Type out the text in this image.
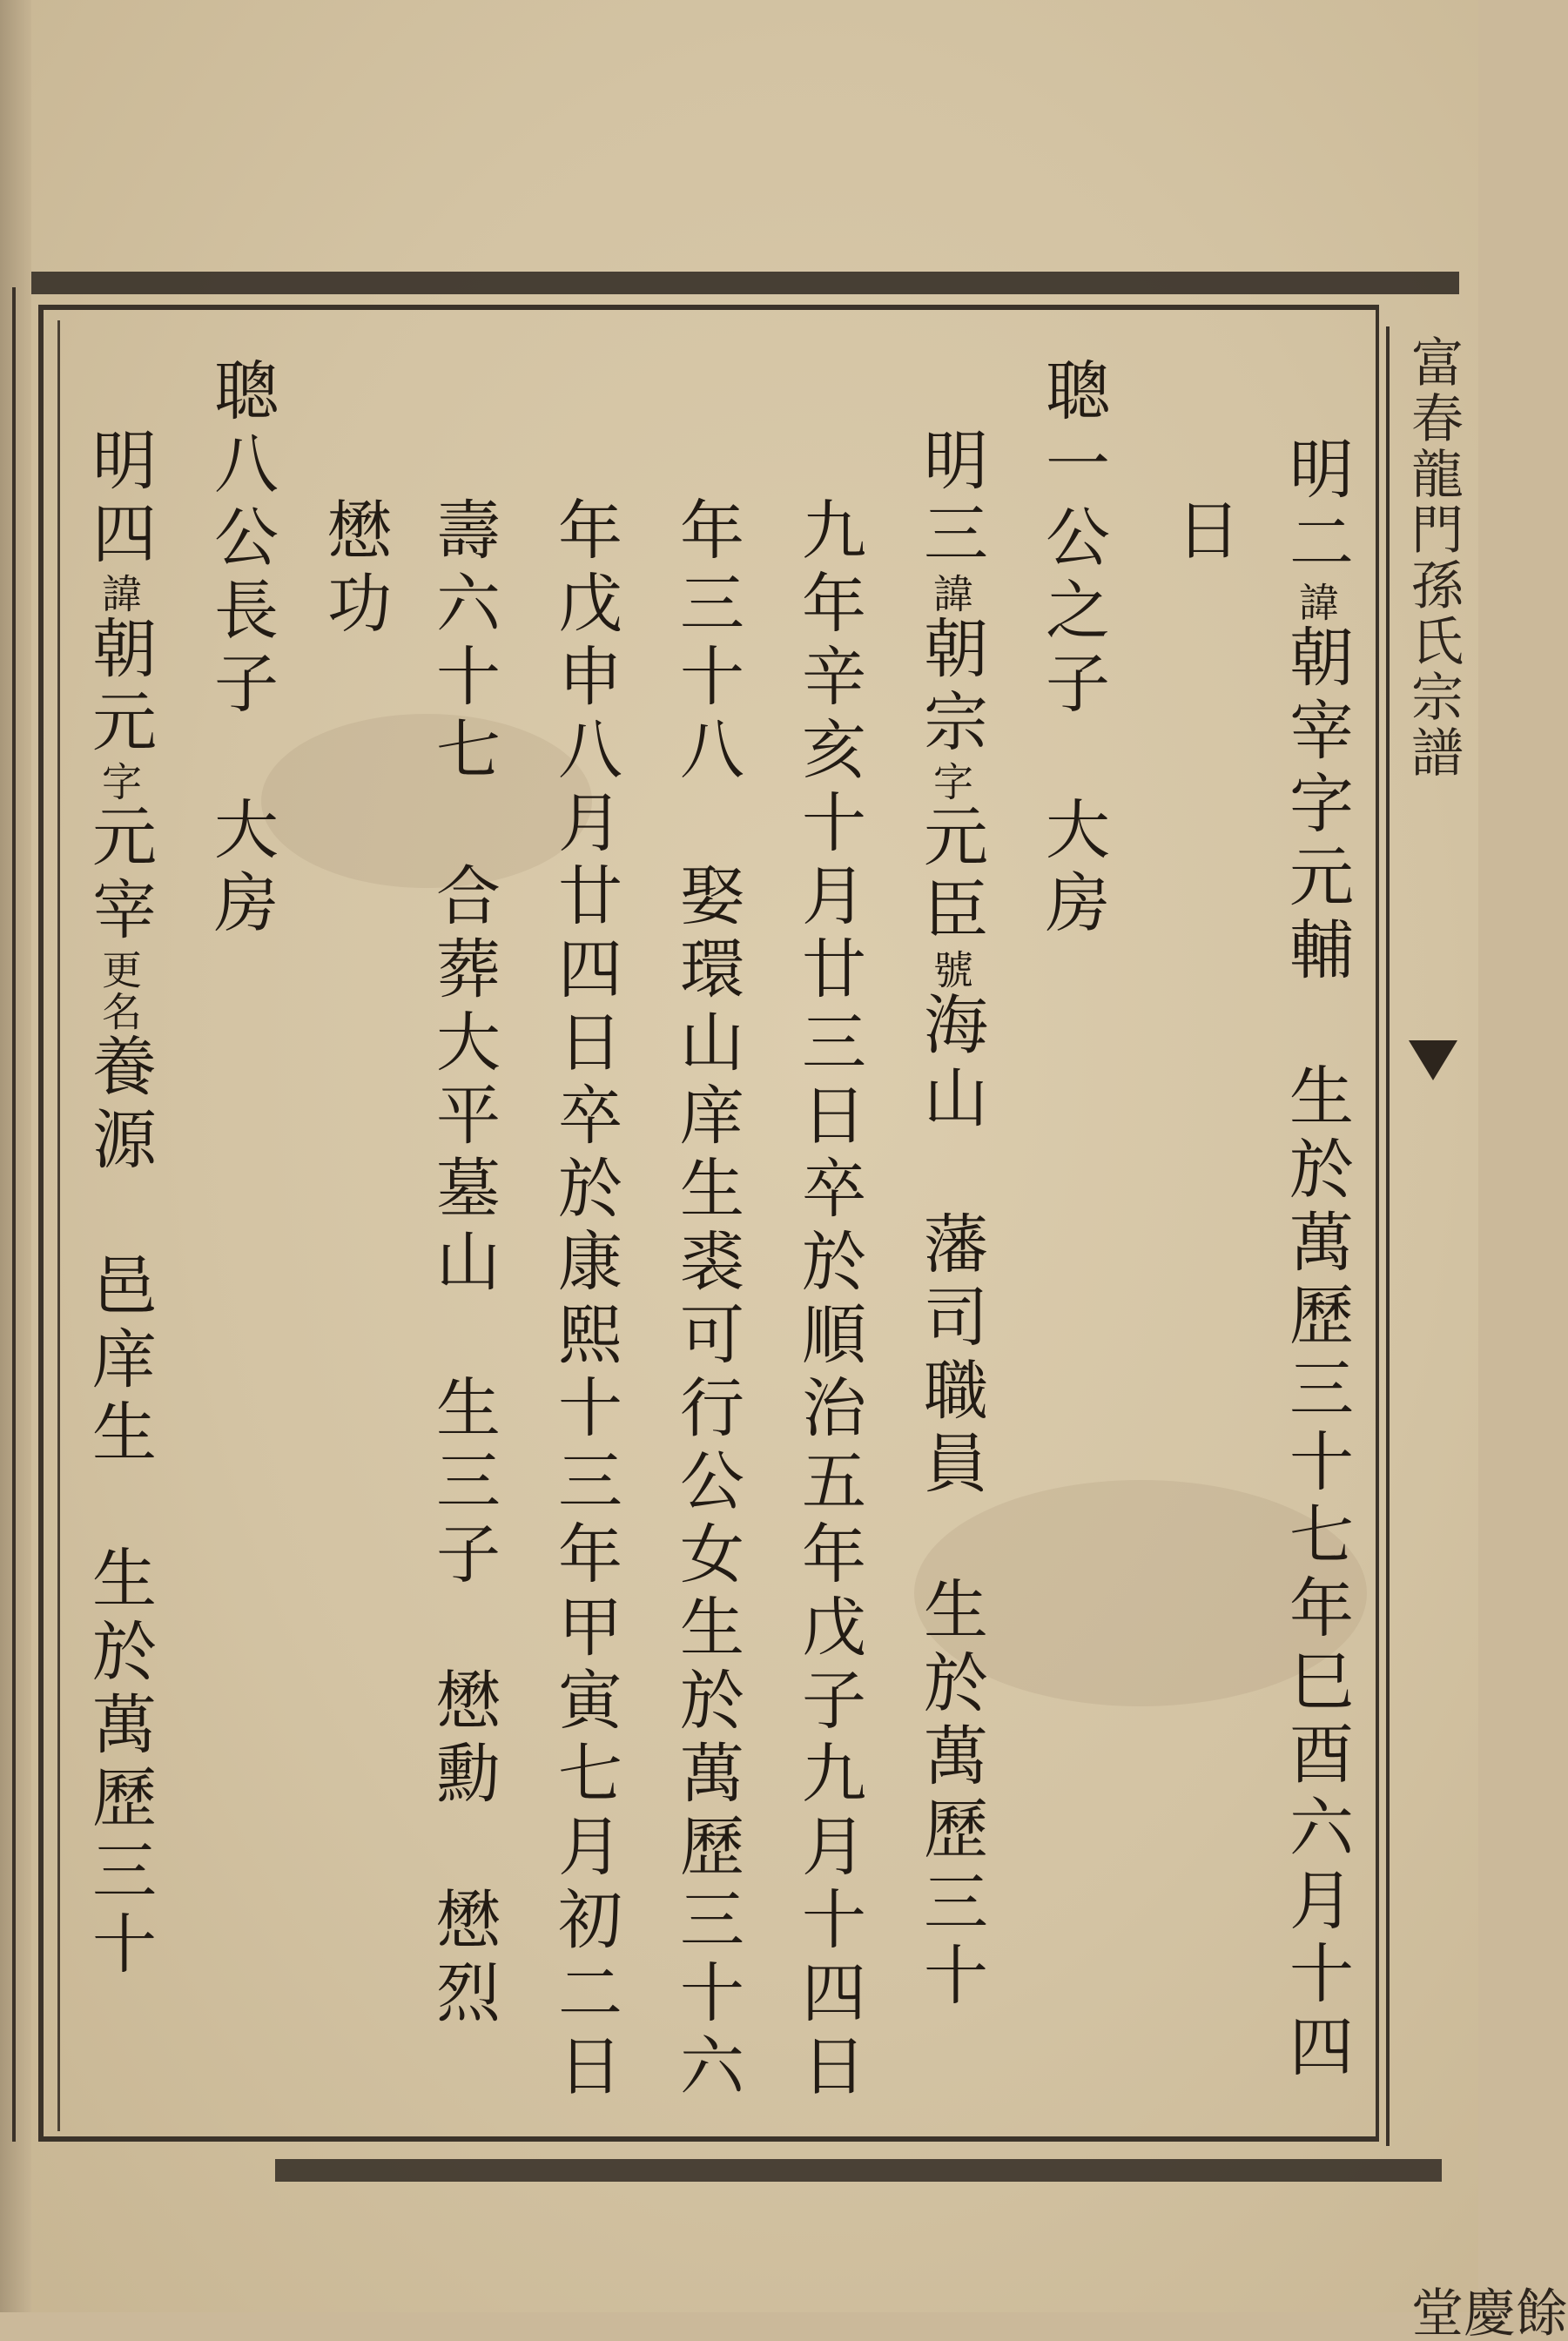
富春龍門孫氏宗譜
餘慶堂
明二諱朝宰字元輔　生於萬歷三十七年巳酉六月十四
日
聰一公之子　大房
明三諱朝宗字元臣號海山　藩司職員　生於萬歷三十
九年辛亥十月廿三日卒於順治五年戊子九月十四日
年三十八　娶環山庠生裘可行公女生於萬歷三十六
年戊申八月廿四日卒於康熙十三年甲寅七月初二日
壽六十七　合葬大平墓山　生三子　懋勳　懋烈
懋功
聰八公長子　大房
明四諱朝元字元宰更名養源　邑庠生　生於萬歷三十
